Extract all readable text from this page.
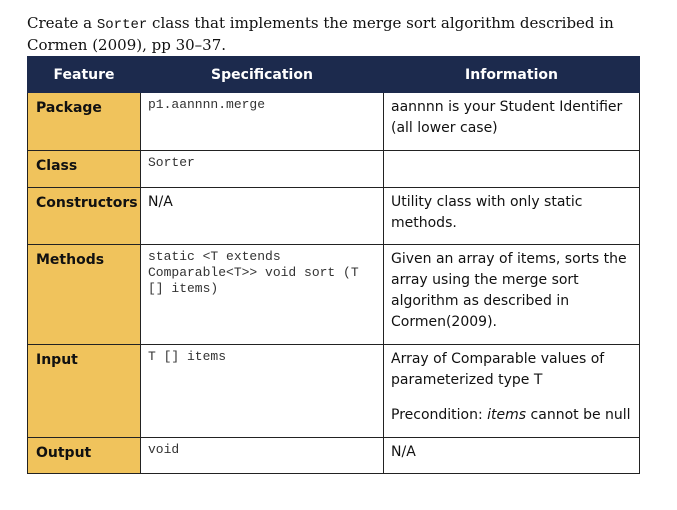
Create a Sorter class that implements the merge sort algorithm described in Cormen (2009), pp 30–37.
Feature	Specification	Information
Package	p1.aannnn.merge	aannnn is your Student Identifier (all lower case)
Class	Sorter	
Constructors	N/A	Utility class with only static methods.
Methods	static <T extends Comparable<T>> void sort (T [] items)	Given an array of items, sorts the array using the merge sort algorithm as described in Cormen(2009).
Input	T [] items	Array of Comparable values of parameterized type T
Precondition: items cannot be null

Output	void	N/A
